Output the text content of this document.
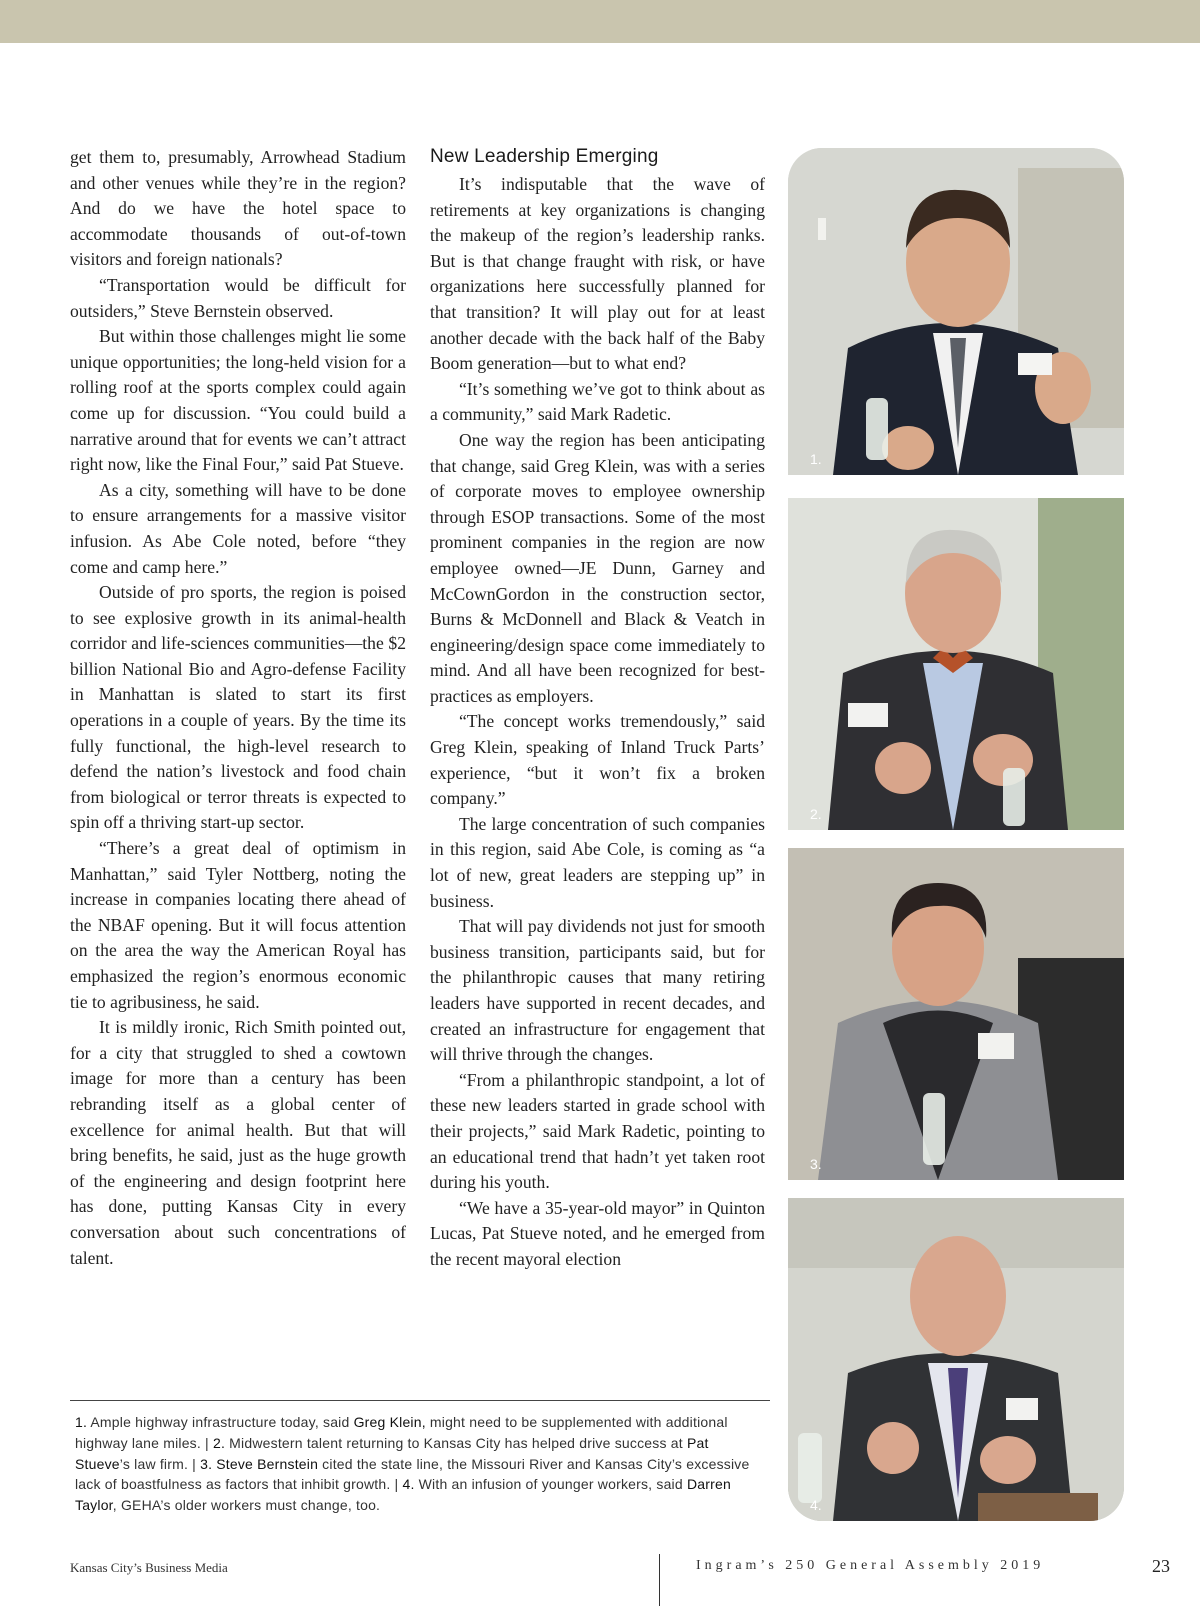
get them to, presumably, Arrowhead Stadium and other venues while they’re in the region? And do we have the hotel space to accommodate thousands of out-of-town visitors and foreign nationals?

“Transportation would be difficult for outsiders,” Steve Bernstein observed.

But within those challenges might lie some unique opportunities; the long-held vision for a rolling roof at the sports complex could again come up for discussion. “You could build a narrative around that for events we can’t attract right now, like the Final Four,” said Pat Stueve.

As a city, something will have to be done to ensure arrangements for a massive visitor infusion. As Abe Cole noted, before “they come and camp here.”

Outside of pro sports, the region is poised to see explosive growth in its animal-health corridor and life-sciences communities—the $2 billion National Bio and Agro-defense Facility in Manhattan is slated to start its first operations in a couple of years. By the time its fully functional, the high-level research to defend the nation’s livestock and food chain from biological or terror threats is expected to spin off a thriving start-up sector.

“There’s a great deal of optimism in Manhattan,” said Tyler Nottberg, noting the increase in companies locating there ahead of the NBAF opening. But it will focus attention on the area the way the American Royal has emphasized the region’s enormous economic tie to agribusiness, he said.

It is mildly ironic, Rich Smith pointed out, for a city that struggled to shed a cowtown image for more than a century has been rebranding itself as a global center of excellence for animal health. But that will bring benefits, he said, just as the huge growth of the engineering and design footprint here has done, putting Kansas City in every conversation about such concentrations of talent.

New Leadership Emerging

It’s indisputable that the wave of retirements at key organizations is changing the makeup of the region’s leadership ranks. But is that change fraught with risk, or have organizations here successfully planned for that transition? It will play out for at least another decade with the back half of the Baby Boom generation—but to what end?

“It’s something we’ve got to think about as a community,” said Mark Radetic.

One way the region has been anticipating that change, said Greg Klein, was with a series of corporate moves to employee ownership through ESOP transactions. Some of the most prominent companies in the region are now employee owned—JE Dunn, Garney and McCownGordon in the construction sector, Burns & McDonnell and Black & Veatch in engineering/design space come immediately to mind. And all have been recognized for best-practices as employers.

“The concept works tremendously,” said Greg Klein, speaking of Inland Truck Parts’ experience, “but it won’t fix a broken company.”

The large concentration of such companies in this region, said Abe Cole, is coming as “a lot of new, great leaders are stepping up” in business.

That will pay dividends not just for smooth business transition, participants said, but for the philanthropic causes that many retiring leaders have supported in recent decades, and created an infrastructure for engagement that will thrive through the changes.

“From a philanthropic standpoint, a lot of these new leaders started in grade school with their projects,” said Mark Radetic, pointing to an educational trend that hadn’t yet taken root during his youth.

“We have a 35-year-old mayor” in Quinton Lucas, Pat Stueve noted, and he emerged from the recent mayoral election

1.
2.
3.
4.
1. Ample highway infrastructure today, said Greg Klein, might need to be supplemented with additional highway lane miles. | 2. Midwestern talent returning to Kansas City has helped drive success at Pat Stueve’s law firm. | 3. Steve Bernstein cited the state line, the Missouri River and Kansas City’s excessive lack of boastfulness as factors that inhibit growth. | 4. With an infusion of younger workers, said Darren Taylor, GEHA’s older workers must change, too.
Kansas City’s Business Media	Ingram’s 250 General Assembly 2019	23
